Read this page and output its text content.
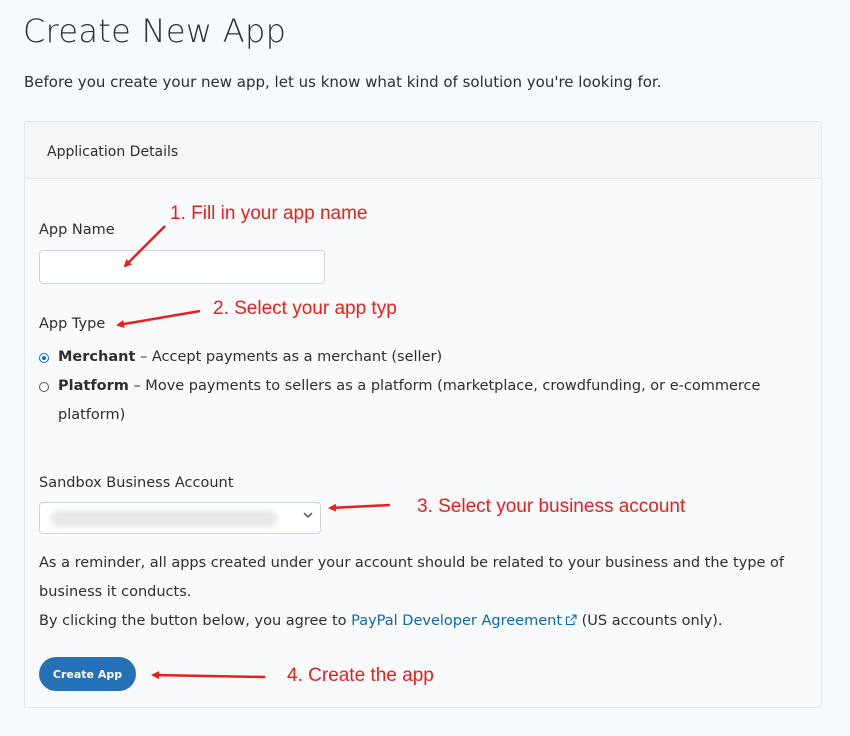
Create New App
Before you create your new app, let us know what kind of solution you're looking for.
Application Details
App Name
App Type
Merchant – Accept payments as a merchant (seller)
Platform – Move payments to sellers as a platform (marketplace, crowdfunding, or e-commerce
platform)
Sandbox Business Account
As a reminder, all apps created under your account should be related to your business and the type of
business it conducts.
By clicking the button below, you agree to PayPal Developer Agreement (US accounts only).
Create App
1. Fill in your app name
2. Select your app typ
3. Select your business account
4. Create the app
